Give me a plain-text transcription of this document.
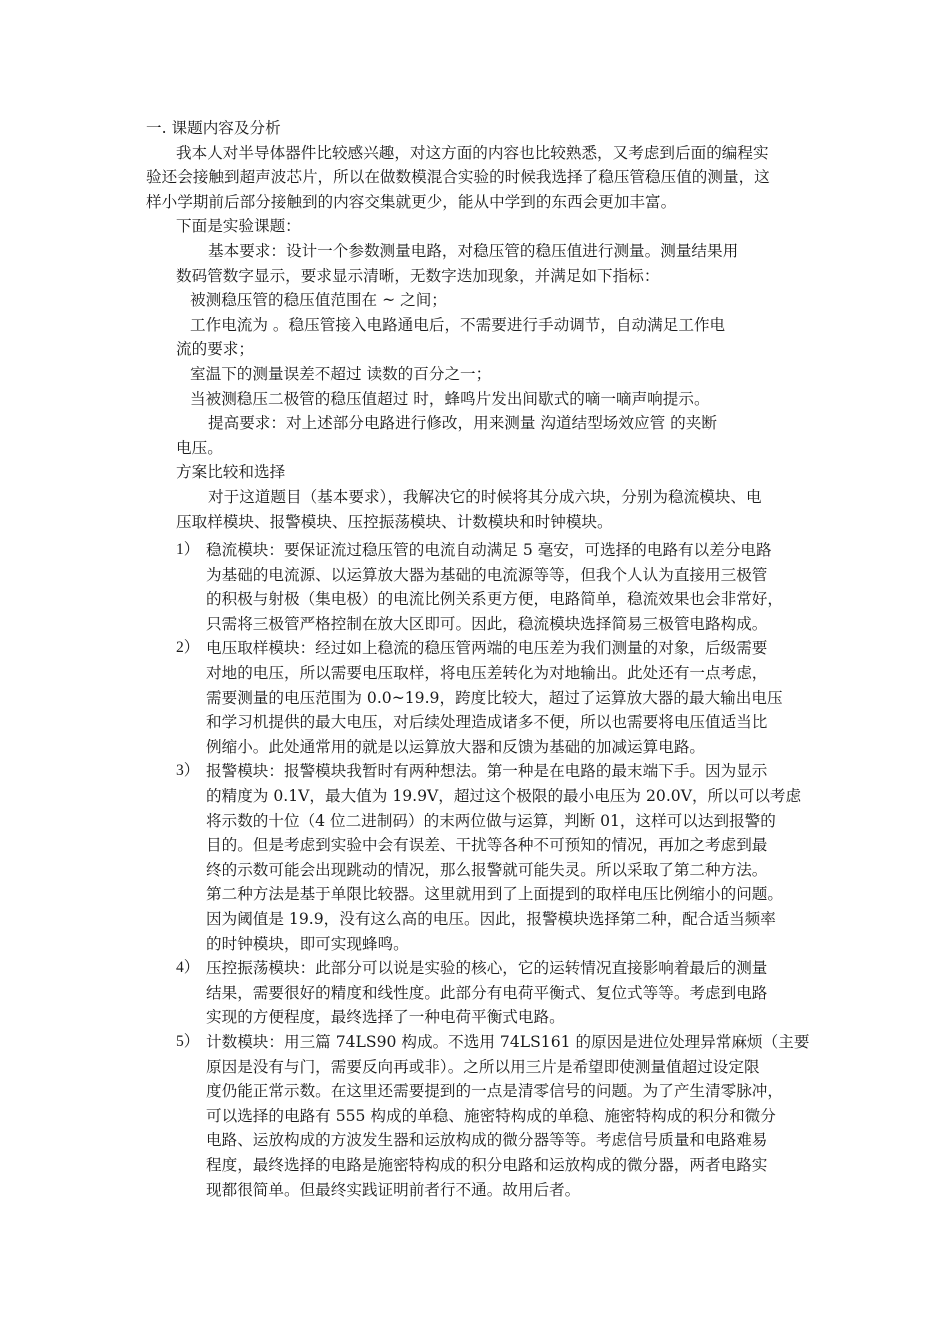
一. 课题内容及分析
我本人对半导体器件比较感兴趣，对这方面的内容也比较熟悉，又考虑到后面的编程实
验还会接触到超声波芯片，所以在做数模混合实验的时候我选择了稳压管稳压值的测量，这
样小学期前后部分接触到的内容交集就更少，能从中学到的东西会更加丰富。
下面是实验课题：
基本要求：设计一个参数测量电路，对稳压管的稳压值进行测量。测量结果用
数码管数字显示，要求显示清晰，无数字迭加现象，并满足如下指标：
被测稳压管的稳压值范围在 ~ 之间；
工作电流为 。稳压管接入电路通电后，不需要进行手动调节，自动满足工作电
流的要求；
室温下的测量误差不超过 读数的百分之一；
当被测稳压二极管的稳压值超过 时，蜂鸣片发出间歇式的嘀一嘀声响提示。
提高要求：对上述部分电路进行修改，用来测量 沟道结型场效应管 的夹断
电压。
方案比较和选择
对于这道题目（基本要求），我解决它的时候将其分成六块，分别为稳流模块、电
压取样模块、报警模块、压控振荡模块、计数模块和时钟模块。
1） 稳流模块：要保证流过稳压管的电流自动满足 5 毫安，可选择的电路有以差分电路
为基础的电流源、以运算放大器为基础的电流源等等，但我个人认为直接用三极管
的积极与射极（集电极）的电流比例关系更方便，电路简单，稳流效果也会非常好，
只需将三极管严格控制在放大区即可。因此，稳流模块选择简易三极管电路构成。
2） 电压取样模块：经过如上稳流的稳压管两端的电压差为我们测量的对象，后级需要
对地的电压，所以需要电压取样，将电压差转化为对地输出。此处还有一点考虑，
需要测量的电压范围为 0.0~19.9，跨度比较大，超过了运算放大器的最大输出电压
和学习机提供的最大电压，对后续处理造成诸多不便，所以也需要将电压值适当比
例缩小。此处通常用的就是以运算放大器和反馈为基础的加减运算电路。
3） 报警模块：报警模块我暂时有两种想法。第一种是在电路的最末端下手。因为显示
的精度为 0.1V，最大值为 19.9V，超过这个极限的最小电压为 20.0V，所以可以考虑
将示数的十位（4 位二进制码）的末两位做与运算，判断 01，这样可以达到报警的
目的。但是考虑到实验中会有误差、干扰等各种不可预知的情况，再加之考虑到最
终的示数可能会出现跳动的情况，那么报警就可能失灵。所以采取了第二种方法。
第二种方法是基于单限比较器。这里就用到了上面提到的取样电压比例缩小的问题。
因为阈值是 19.9，没有这么高的电压。因此，报警模块选择第二种，配合适当频率
的时钟模块，即可实现蜂鸣。
4） 压控振荡模块：此部分可以说是实验的核心，它的运转情况直接影响着最后的测量
结果，需要很好的精度和线性度。此部分有电荷平衡式、复位式等等。考虑到电路
实现的方便程度，最终选择了一种电荷平衡式电路。
5） 计数模块：用三篇 74LS90 构成。不选用 74LS161 的原因是进位处理异常麻烦（主要
原因是没有与门，需要反向再或非）。之所以用三片是希望即使测量值超过设定限
度仍能正常示数。在这里还需要提到的一点是清零信号的问题。为了产生清零脉冲，
可以选择的电路有 555 构成的单稳、施密特构成的单稳、施密特构成的积分和微分
电路、运放构成的方波发生器和运放构成的微分器等等。考虑信号质量和电路难易
程度，最终选择的电路是施密特构成的积分电路和运放构成的微分器，两者电路实
现都很简单。但最终实践证明前者行不通。故用后者。
